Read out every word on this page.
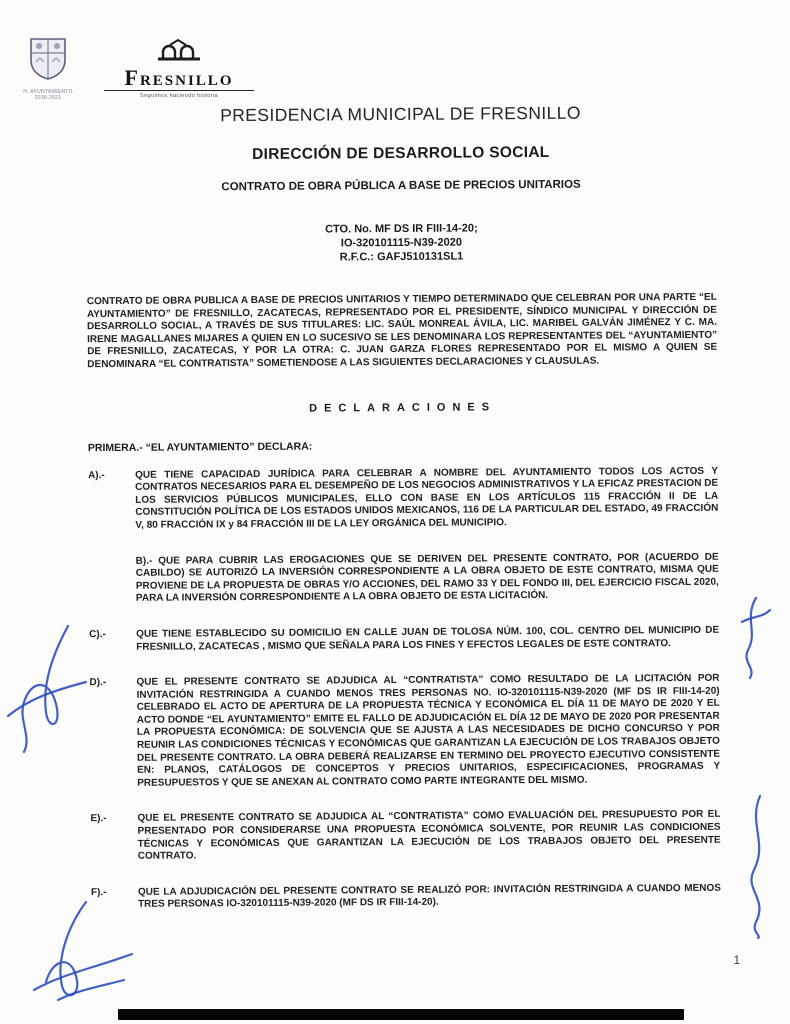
H. AYUNTAMIENTO 2018-2021
Fresnillo
Seguimos haciendo historia
PRESIDENCIA MUNICIPAL DE FRESNILLO
DIRECCIÓN DE DESARROLLO SOCIAL
CONTRATO DE OBRA PÚBLICA A BASE DE PRECIOS UNITARIOS
CTO. No. MF DS IR FIII-14-20;
IO-320101115-N39-2020
R.F.C.: GAFJ510131SL1

CONTRATO DE OBRA PUBLICA A BASE DE PRECIOS UNITARIOS Y TIEMPO DETERMINADO QUE CELEBRAN POR UNA PARTE “EL AYUNTAMIENTO” DE FRESNILLO, ZACATECAS, REPRESENTADO POR EL PRESIDENTE, SÍNDICO MUNICIPAL Y DIRECCIÓN DE DESARROLLO SOCIAL, A TRAVÉS DE SUS TITULARES: LIC. SAÚL MONREAL ÁVILA, LIC. MARIBEL GALVÁN JIMÉNEZ Y C. MA. IRENE MAGALLANES MIJARES A QUIEN EN LO SUCESIVO SE LES DENOMINARA LOS REPRESENTANTES DEL “AYUNTAMIENTO” DE FRESNILLO, ZACATECAS, Y POR LA OTRA: C. JUAN GARZA FLORES REPRESENTADO POR EL MISMO A QUIEN SE DENOMINARA “EL CONTRATISTA” SOMETIENDOSE A LAS SIGUIENTES DECLARACIONES Y CLAUSULAS.

DECLARACIONES
PRIMERA.- “EL AYUNTAMIENTO” DECLARA:
A).-	QUE TIENE CAPACIDAD JURÍDICA PARA CELEBRAR A NOMBRE DEL AYUNTAMIENTO TODOS LOS ACTOS Y CONTRATOS NECESARIOS PARA EL DESEMPEÑO DE LOS NEGOCIOS ADMINISTRATIVOS Y LA EFICAZ PRESTACION DE LOS SERVICIOS PÚBLICOS MUNICIPALES, ELLO CON BASE EN LOS ARTÍCULOS 115 FRACCIÓN II DE LA CONSTITUCIÓN POLÍTICA DE LOS ESTADOS UNIDOS MEXICANOS, 116 DE LA PARTICULAR DEL ESTADO, 49 FRACCIÓN V, 80 FRACCIÓN IX y 84 FRACCIÓN III DE LA LEY ORGÁNICA DEL MUNICIPIO.
B).- QUE PARA CUBRIR LAS EROGACIONES QUE SE DERIVEN DEL PRESENTE CONTRATO, POR (ACUERDO DE CABILDO) SE AUTORIZÓ LA INVERSIÓN CORRESPONDIENTE A LA OBRA OBJETO DE ESTE CONTRATO, MISMA QUE PROVIENE DE LA PROPUESTA DE OBRAS Y/O ACCIONES, DEL RAMO 33 Y DEL FONDO III, DEL EJERCICIO FISCAL 2020, PARA LA INVERSIÓN CORRESPONDIENTE A LA OBRA OBJETO DE ESTA LICITACIÓN.
C).-	QUE TIENE ESTABLECIDO SU DOMICILIO EN CALLE JUAN DE TOLOSA NÚM. 100, COL. CENTRO DEL MUNICIPIO DE FRESNILLO, ZACATECAS , MISMO QUE SEÑALA PARA LOS FINES Y EFECTOS LEGALES DE ESTE CONTRATO.
D).-	QUE EL PRESENTE CONTRATO SE ADJUDICA AL “CONTRATISTA” COMO RESULTADO DE LA LICITACIÓN POR INVITACIÓN RESTRINGIDA A CUANDO MENOS TRES PERSONAS NO. IO-320101115-N39-2020 (MF DS IR FIII-14-20) CELEBRADO EL ACTO DE APERTURA DE LA PROPUESTA TÉCNICA Y ECONÓMICA EL DÍA 11 DE MAYO DE 2020 Y EL ACTO DONDE “EL AYUNTAMIENTO” EMITE EL FALLO DE ADJUDICACIÓN EL DÍA 12 DE MAYO DE 2020 POR PRESENTAR LA PROPUESTA ECONÓMICA: DE SOLVENCIA QUE SE AJUSTA A LAS NECESIDADES DE DICHO CONCURSO Y POR REUNIR LAS CONDICIONES TÉCNICAS Y ECONÓMICAS QUE GARANTIZAN LA EJECUCIÓN DE LOS TRABAJOS OBJETO DEL PRESENTE CONTRATO. LA OBRA DEBERÁ REALIZARSE EN TERMINO DEL PROYECTO EJECUTIVO CONSISTENTE EN: PLANOS, CATÁLOGOS DE CONCEPTOS Y PRECIOS UNITARIOS, ESPECIFICACIONES, PROGRAMAS Y PRESUPUESTOS Y QUE SE ANEXAN AL CONTRATO COMO PARTE INTEGRANTE DEL MISMO.
E).-	QUE EL PRESENTE CONTRATO SE ADJUDICA AL “CONTRATISTA” COMO EVALUACIÓN DEL PRESUPUESTO POR EL PRESENTADO POR CONSIDERARSE UNA PROPUESTA ECONÓMICA SOLVENTE, POR REUNIR LAS CONDICIONES TÉCNICAS Y ECONÓMICAS QUE GARANTIZAN LA EJECUCIÓN DE LOS TRABAJOS OBJETO DEL PRESENTE CONTRATO.
F).-	QUE LA ADJUDICACIÓN DEL PRESENTE CONTRATO SE REALIZÓ POR: INVITACIÓN RESTRINGIDA A CUANDO MENOS TRES PERSONAS IO-320101115-N39-2020 (MF DS IR FIII-14-20).
1
